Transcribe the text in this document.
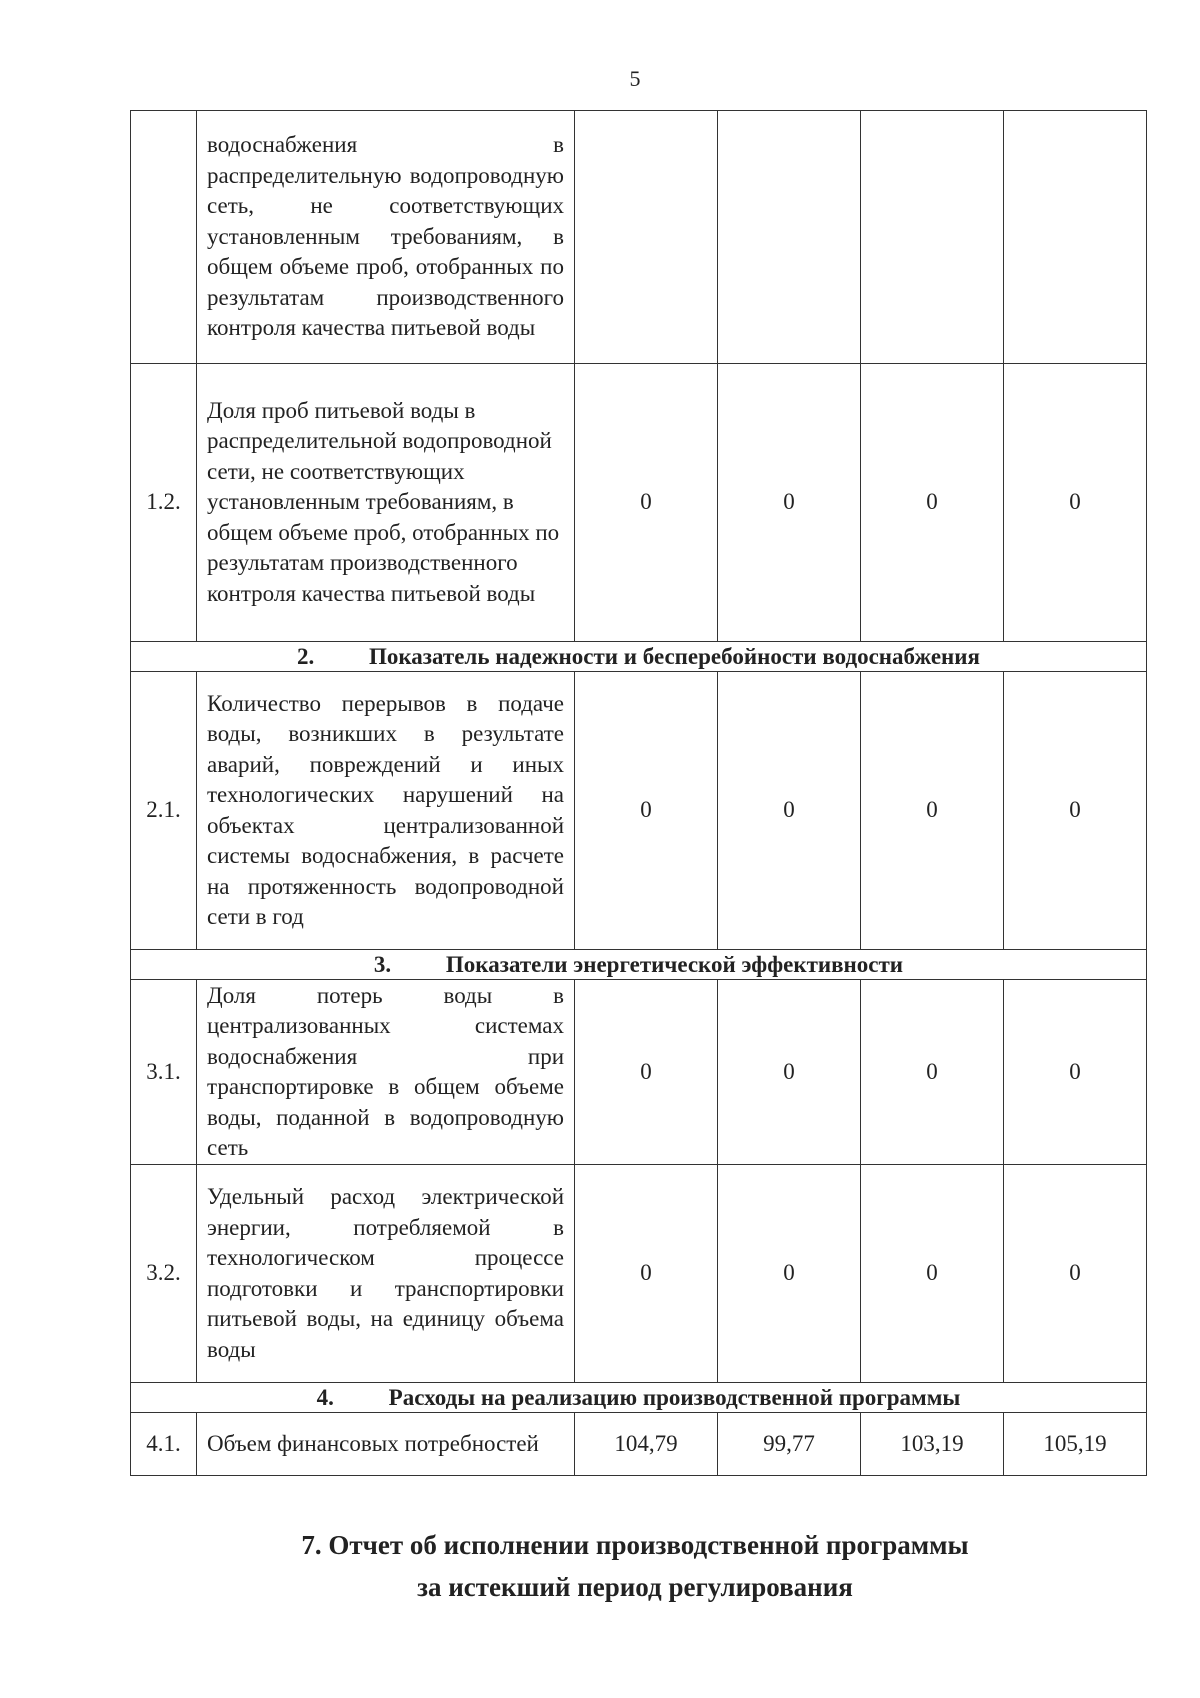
5
	водоснабжения в распределительную водопроводную сеть, не соответствующих установленным требованиям, в общем объеме проб, отобранных по результатам производственного контроля качества питьевой воды				
1.2.	Доля проб питьевой воды в распределительной водопроводной сети, не соответствующих установленным требованиям, в общем объеме проб, отобранных по результатам производственного контроля качества питьевой воды	0	0	0	0
2. Показатель надежности и бесперебойности водоснабжения					
2.1.	Количество перерывов в подаче воды, возникших в результате аварий, повреждений и иных технологических нарушений на объектах централизованной системы водоснабжения, в расчете на протяженность водопроводной сети в год	0	0	0	0
3. Показатели энергетической эффективности					
3.1.	Доля потерь воды в централизованных системах водоснабжения при транспортировке в общем объеме воды, поданной в водопроводную сеть	0	0	0	0
3.2.	Удельный расход электрической энергии, потребляемой в технологическом процессе подготовки и транспортировки питьевой воды, на единицу объема воды	0	0	0	0
4. Расходы на реализацию производственной программы					
4.1.	Объем финансовых потребностей	104,79	99,77	103,19	105,19
7. Отчет об исполнении производственной программы
за истекший период регулирования
